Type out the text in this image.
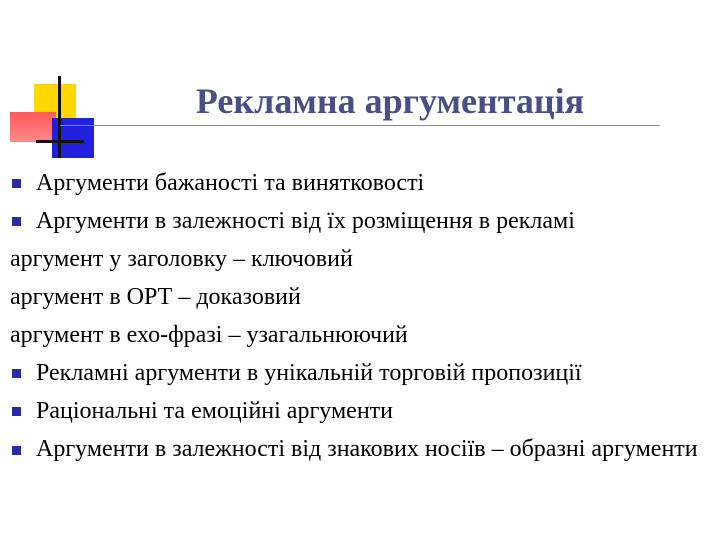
Рекламна аргументація
Аргументи бажаності та винятковості
Аргументи в залежності від їх розміщення в рекламі
аргумент у заголовку – ключовий
аргумент в ОРТ – доказовий
аргумент в ехо-фразі – узагальнюючий
Рекламні аргументи в унікальній торговій пропозиції
Раціональні та емоційні аргументи
Аргументи в залежності від знакових носіїв – образні аргументи
